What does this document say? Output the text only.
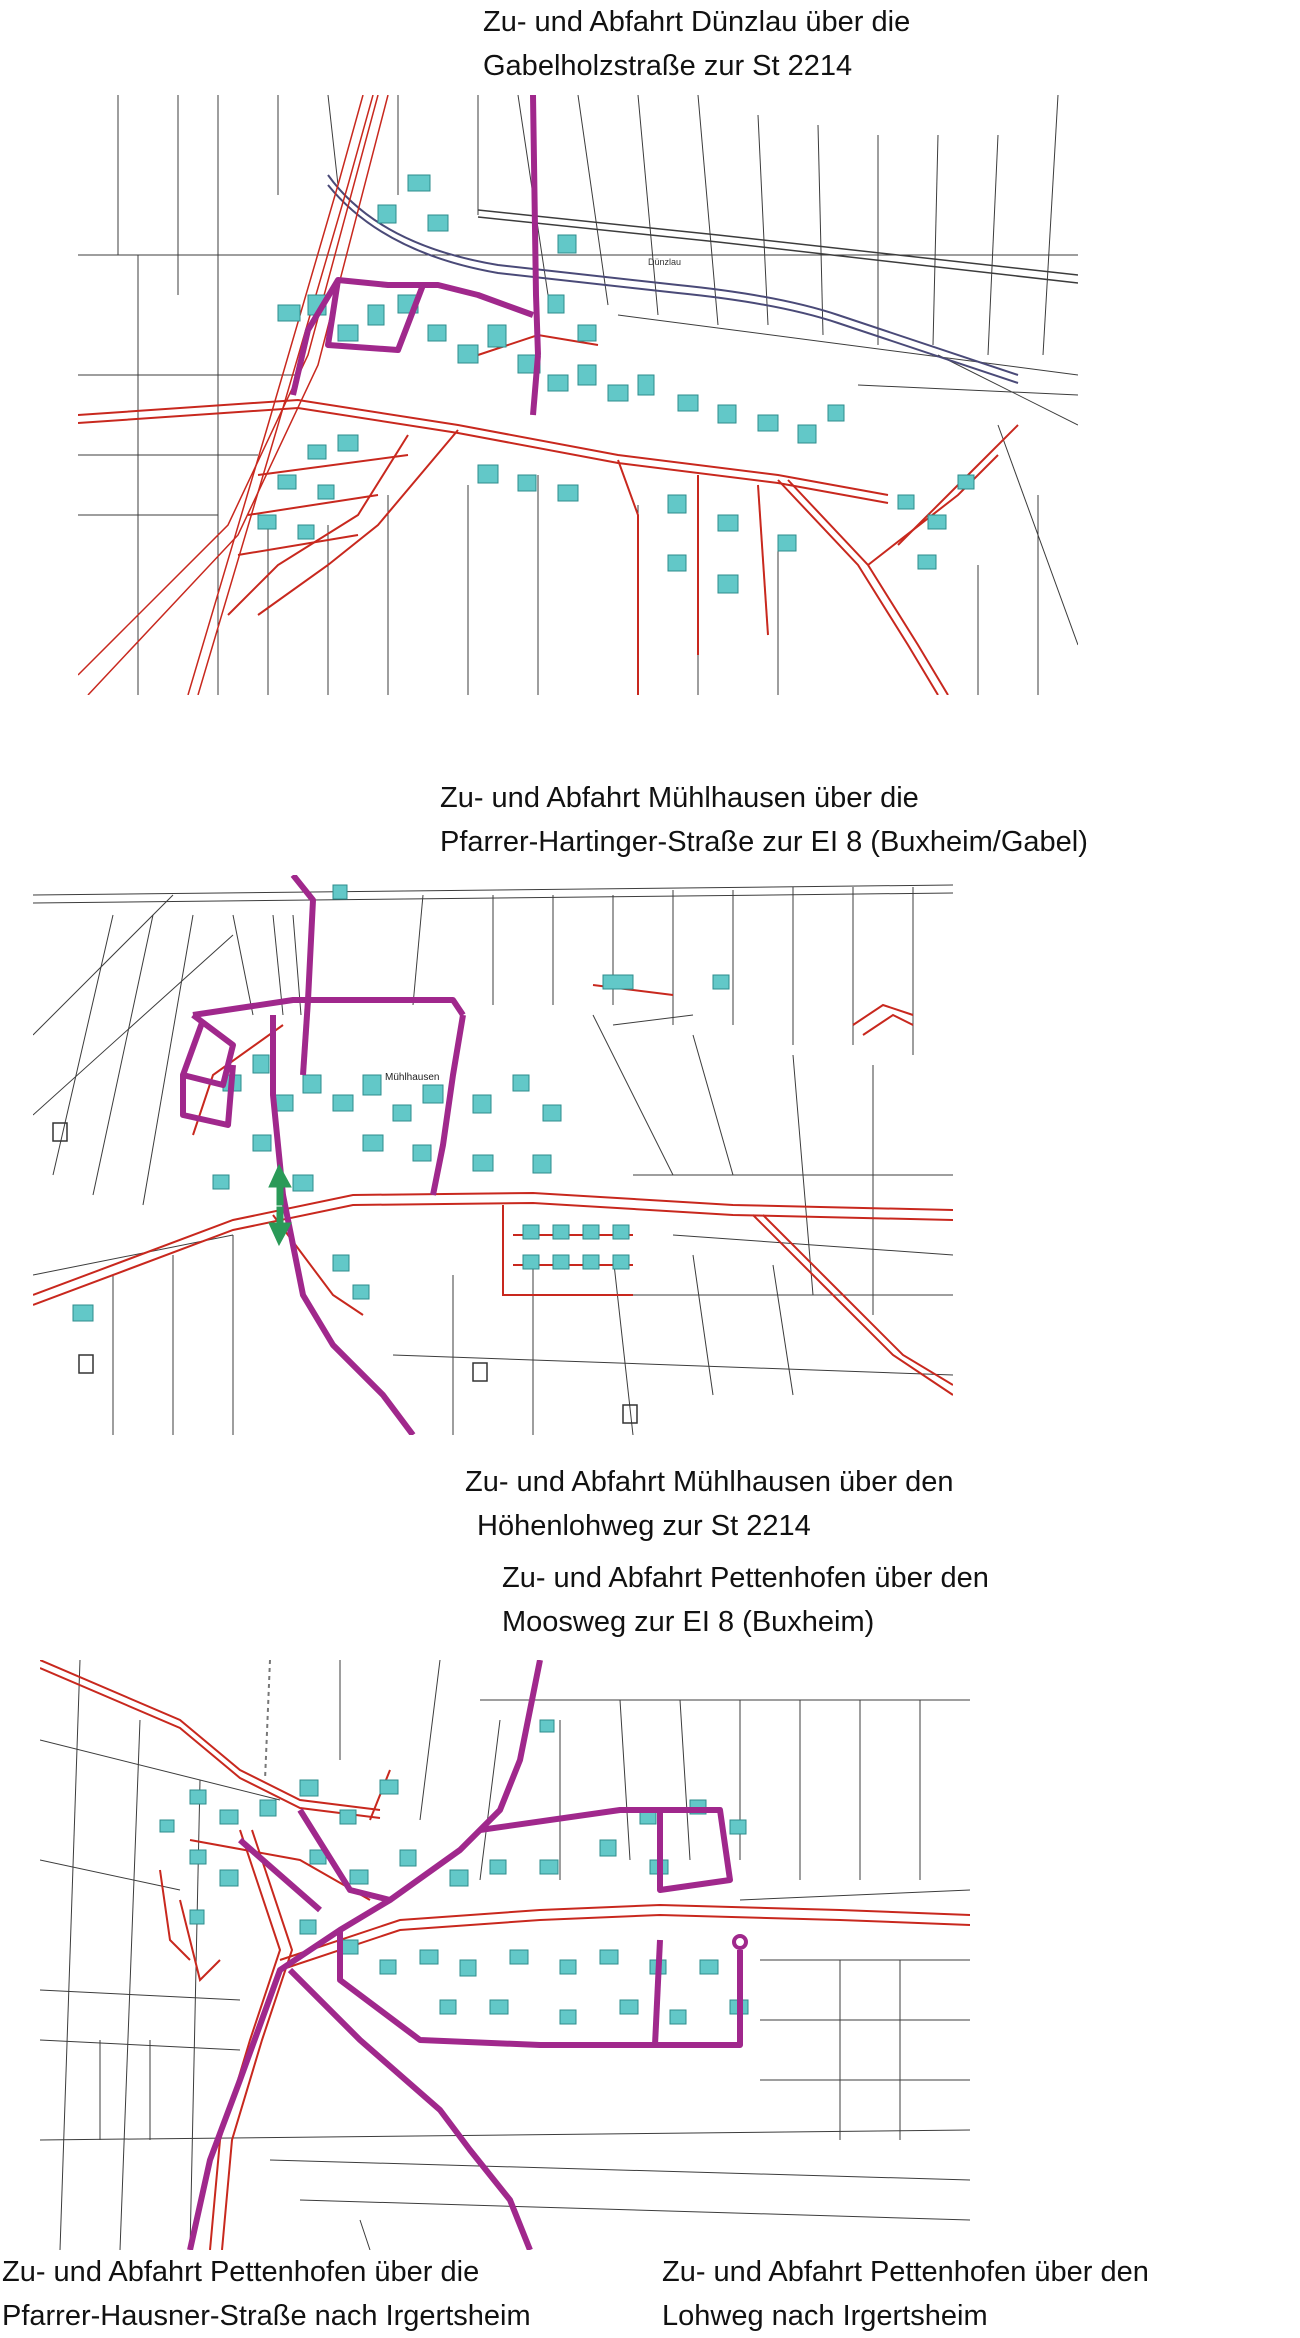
Zu- und Abfahrt Dünzlau über die
Gabelholzstraße zur St 2214
Zu- und Abfahrt Mühlhausen über die
Pfarrer-Hartinger-Straße zur EI 8 (Buxheim/Gabel)
Zu- und Abfahrt Mühlhausen über den
Höhenlohweg zur St 2214
Zu- und Abfahrt Pettenhofen über den
Moosweg zur EI 8 (Buxheim)
Zu- und Abfahrt Pettenhofen über die
Pfarrer-Hausner-Straße nach Irgertsheim
Zu- und Abfahrt Pettenhofen über den
Lohweg nach Irgertsheim
Dünzlau
Mühlhausen
